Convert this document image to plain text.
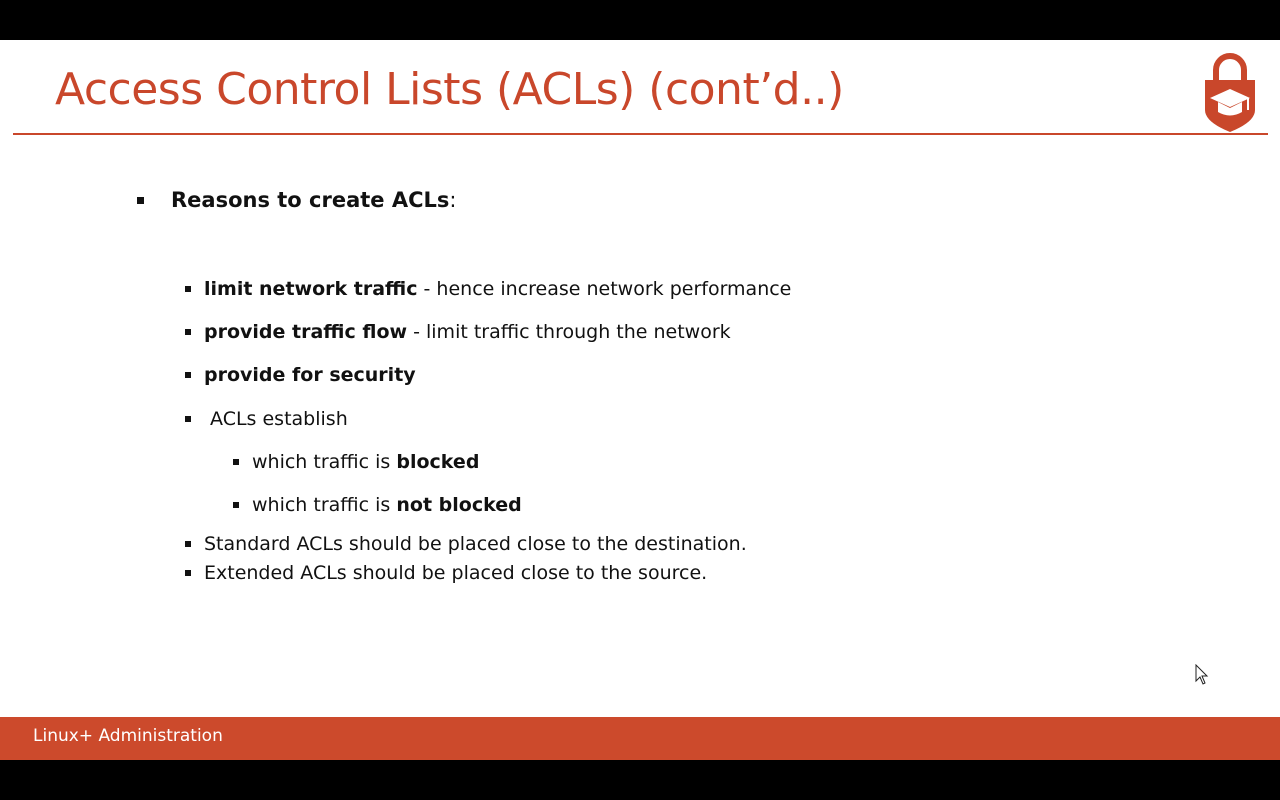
Access Control Lists (ACLs) (cont’d..)
Reasons to create ACLs:
limit network traffic - hence increase network performance
provide traffic flow - limit traffic through the network
provide for security
ACLs establish
which traffic is blocked
which traffic is not blocked
Standard ACLs should be placed close to the destination.
Extended ACLs should be placed close to the source.
Linux+ Administration
